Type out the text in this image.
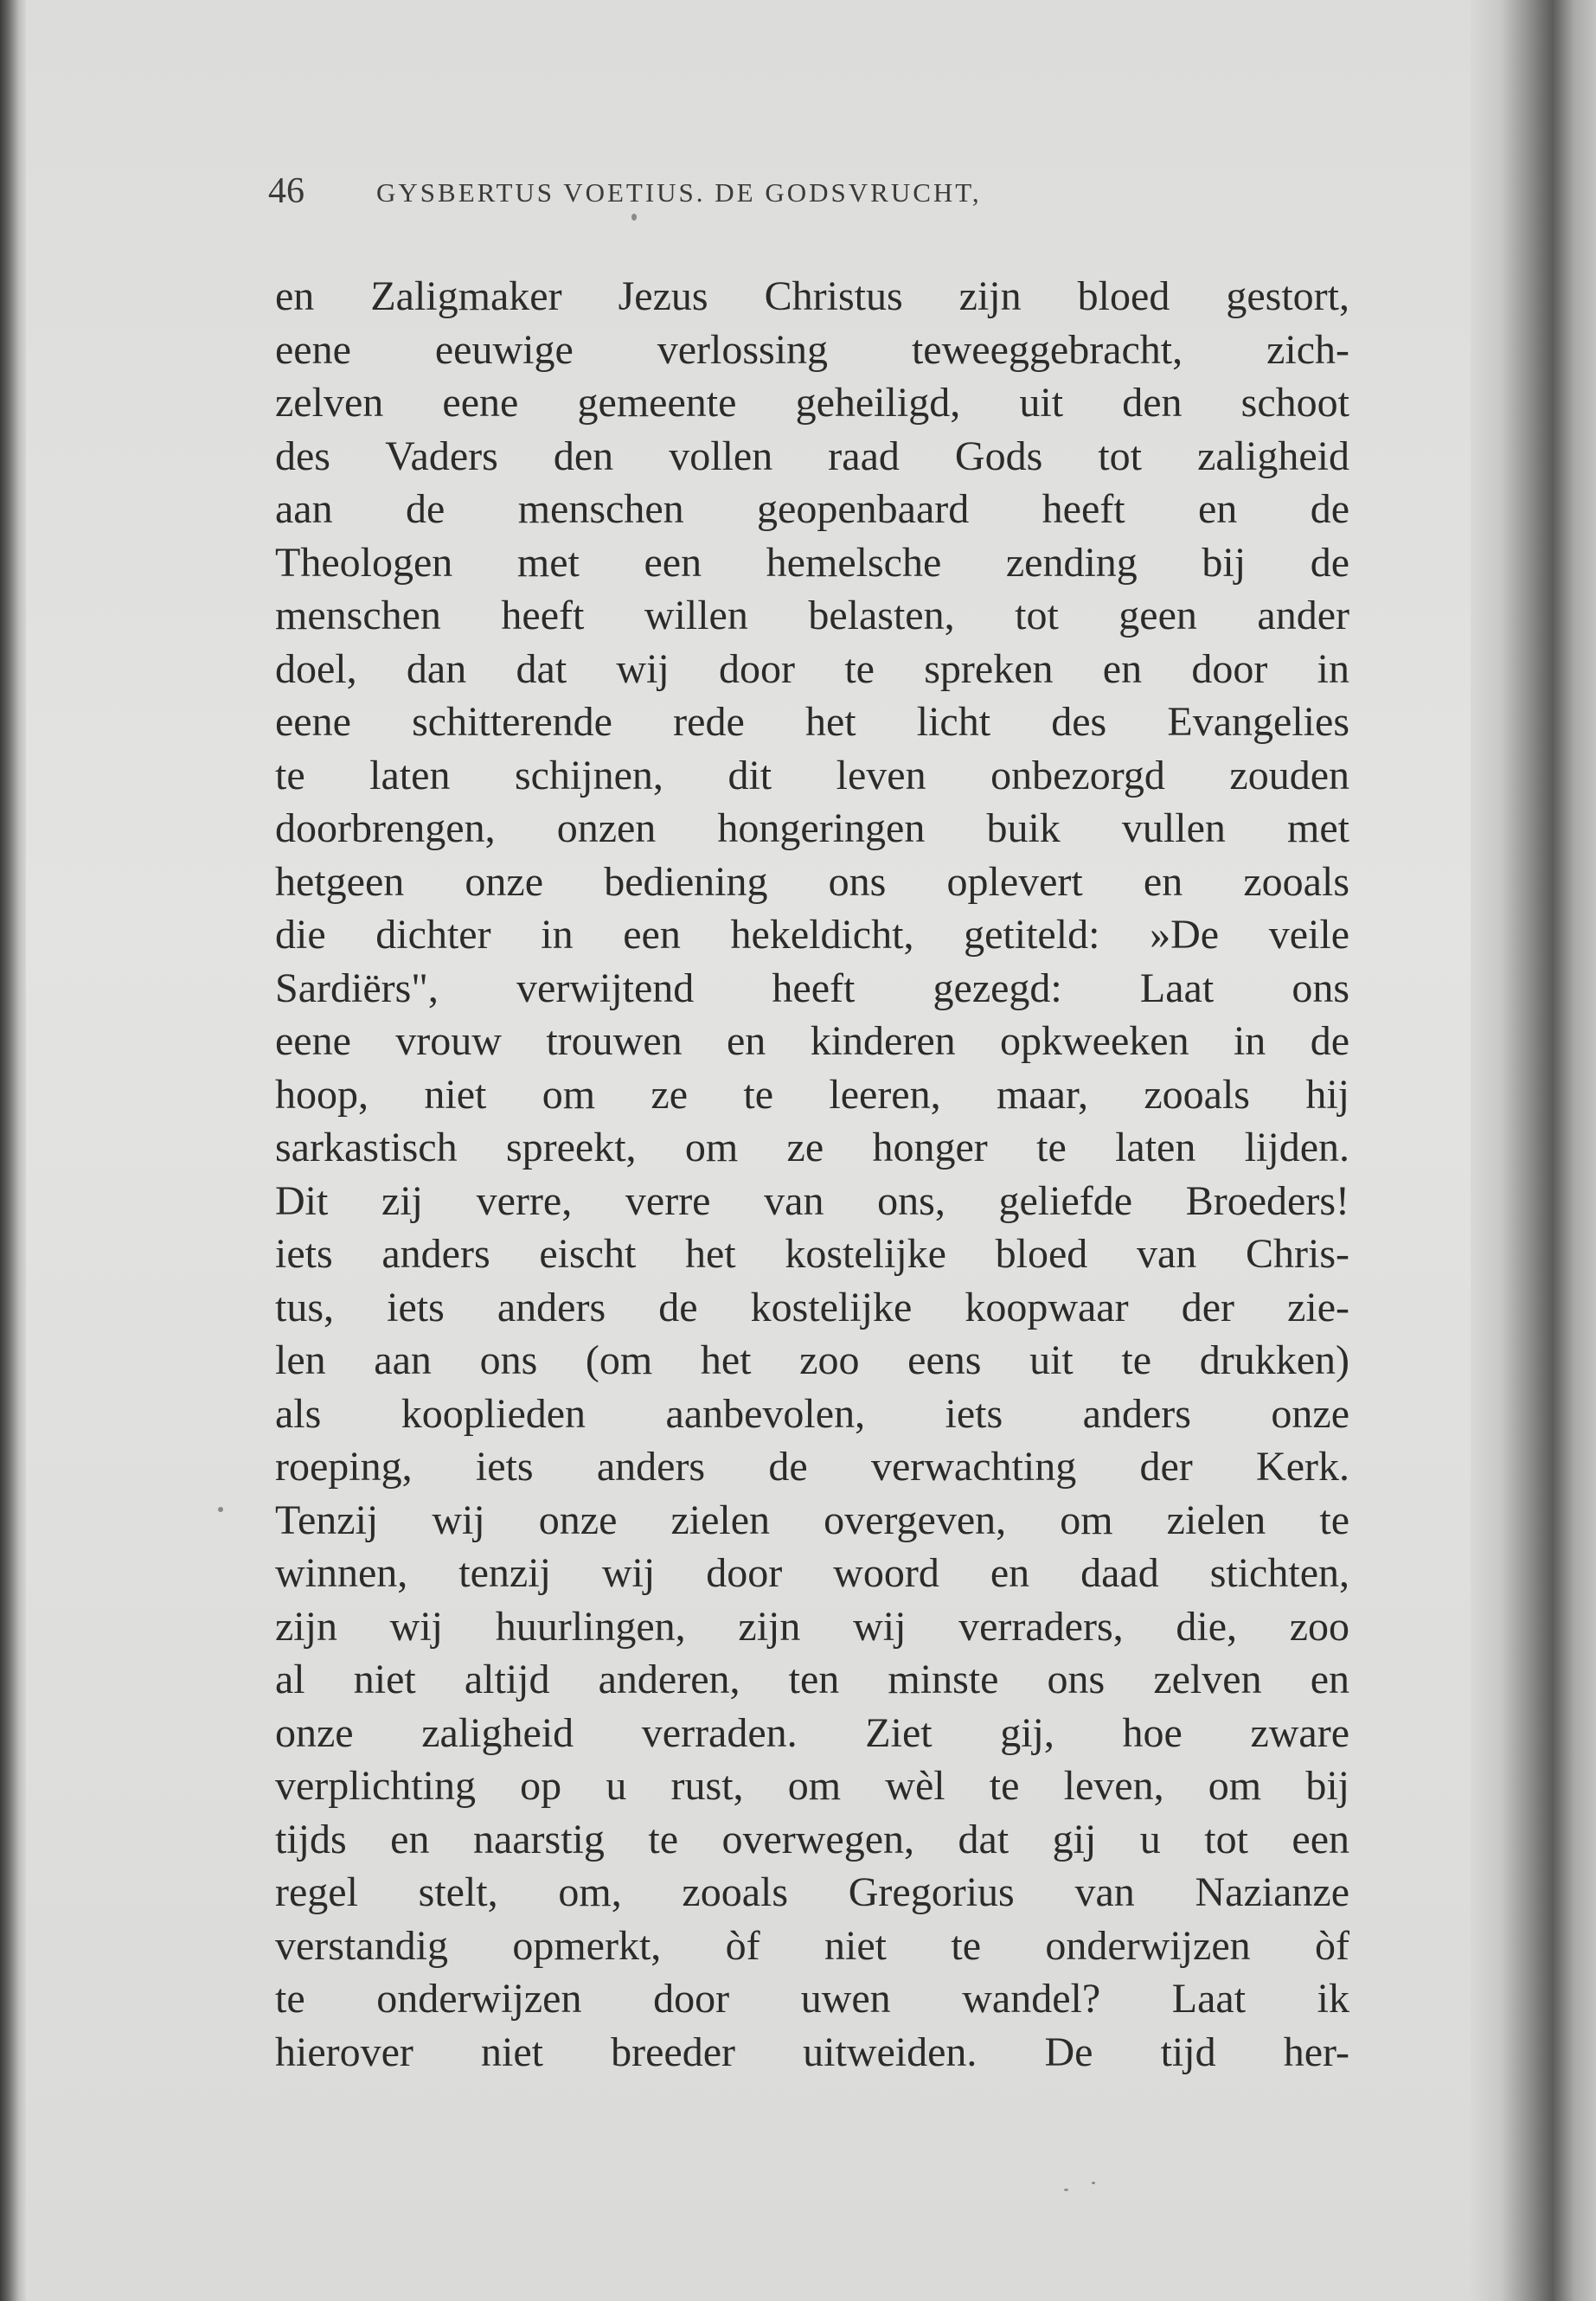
46	GYSBERTUS VOETIUS. DE GODSVRUCHT,
en Zaligmaker Jezus Christus zijn bloed gestort,
eene eeuwige verlossing teweeggebracht, zich-
zelven eene gemeente geheiligd, uit den schoot
des Vaders den vollen raad Gods tot zaligheid
aan de menschen geopenbaard heeft en de
Theologen met een hemelsche zending bij de
menschen heeft willen belasten, tot geen ander
doel, dan dat wij door te spreken en door in
eene schitterende rede het licht des Evangelies
te laten schijnen, dit leven onbezorgd zouden
doorbrengen, onzen hongeringen buik vullen met
hetgeen onze bediening ons oplevert en zooals
die dichter in een hekeldicht, getiteld: »De veile
Sardiërs", verwijtend heeft gezegd: Laat ons
eene vrouw trouwen en kinderen opkweeken in de
hoop, niet om ze te leeren, maar, zooals hij
sarkastisch spreekt, om ze honger te laten lijden.
Dit zij verre, verre van ons, geliefde Broeders!
iets anders eischt het kostelijke bloed van Chris-
tus, iets anders de kostelijke koopwaar der zie-
len aan ons (om het zoo eens uit te drukken)
als kooplieden aanbevolen, iets anders onze
roeping, iets anders de verwachting der Kerk.
Tenzij wij onze zielen overgeven, om zielen te
winnen, tenzij wij door woord en daad stichten,
zijn wij huurlingen, zijn wij verraders, die, zoo
al niet altijd anderen, ten minste ons zelven en
onze zaligheid verraden. Ziet gij, hoe zware
verplichting op u rust, om wèl te leven, om bij
tijds en naarstig te overwegen, dat gij u tot een
regel stelt, om, zooals Gregorius van Nazianze
verstandig opmerkt, òf niet te onderwijzen òf
te onderwijzen door uwen wandel? Laat ik
hierover niet breeder uitweiden. De tijd her-
